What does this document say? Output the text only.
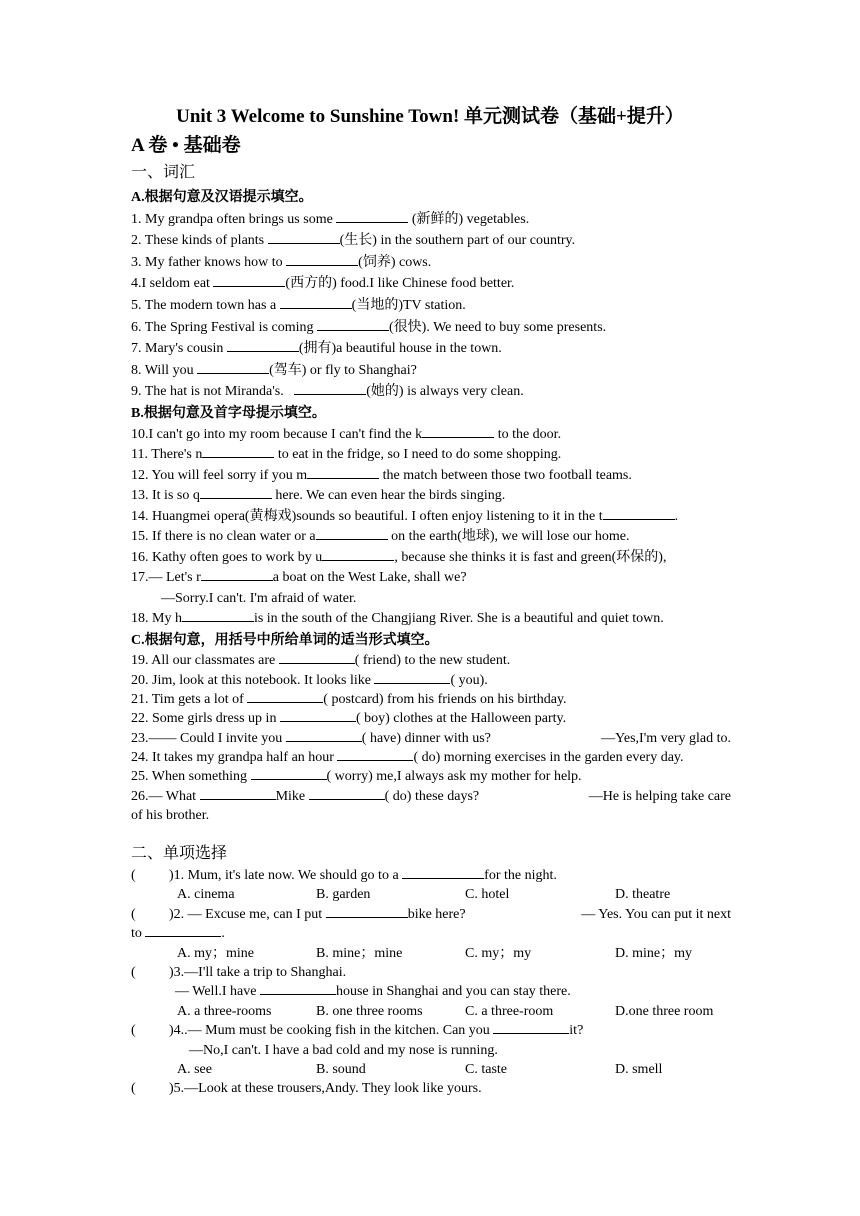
Unit 3 Welcome to Sunshine Town! 单元测试卷（基础+提升）
A 卷 • 基础卷
一、词汇
A.根据句意及汉语提示填空。
1. My grandpa often brings us some	(新鲜的) vegetables.
2. These kinds of plants	(生长) in the southern part of our country.
3. My father knows how to	(饲养) cows.
4.I seldom eat	(西方的) food.I like Chinese food better.
5. The modern town has a	(当地的)TV station.
6. The Spring Festival is coming	(很快). We need to buy some presents.
7. Mary's cousin	(拥有)a beautiful house in the town.
8. Will you	(驾车) or fly to Shanghai?
9. The hat is not Miranda's.	(她的) is always very clean.
B.根据句意及首字母提示填空。
10.I can't go into my room because I can't find the k	to the door.
11. There's n	to eat in the fridge, so I need to do some shopping.
12. You will feel sorry if you m	the match between those two football teams.
13. It is so q	here. We can even hear the birds singing.
14. Huangmei opera(黄梅戏)sounds so beautiful. I often enjoy listening to it in the t	.
15. If there is no clean water or a	on the earth(地球), we will lose our home.
16. Kathy often goes to work by u	, because she thinks it is fast and green(环保的),
17.— Let's r	a boat on the West Lake, shall we?
—Sorry.I can't. I'm afraid of water.
18. My h	is in the south of the Changjiang River. She is a beautiful and quiet town.
C.根据句意，用括号中所给单词的适当形式填空。
19. All our classmates are	( friend) to the new student.
20. Jim, look at this notebook. It looks like	( you).
21. Tim gets a lot of	( postcard) from his friends on his birthday.
22. Some girls dress up in	( boy) clothes at the Halloween party.
23.—— Could I invite you	( have) dinner with us?	—Yes,I'm very glad to.
24. It takes my grandpa half an hour	( do) morning exercises in the garden every day.
25. When something	( worry) me,I always ask my mother for help.
26.— What	Mike	( do) these days?	—He is helping take care
of his brother.
二、单项选择
( )1. Mum, it's late now. We should go to a	for the night.
A. cinema	B. garden	C. hotel	D. theatre
( )2. — Excuse me, can I put	bike here?	— Yes. You can put it next
to	.
A. my；mine	B. mine；mine	C. my；my	D. mine；my
( )3.—I'll take a trip to Shanghai.
— Well.I have	house in Shanghai and you can stay there.
A. a three-rooms	B. one three rooms	C. a three-room	D.one three room
( )4..— Mum must be cooking fish in the kitchen. Can you	it?
—No,I can't. I have a bad cold and my nose is running.
A. see	B. sound	C. taste	D. smell
( )5.—Look at these trousers,Andy. They look like yours.
